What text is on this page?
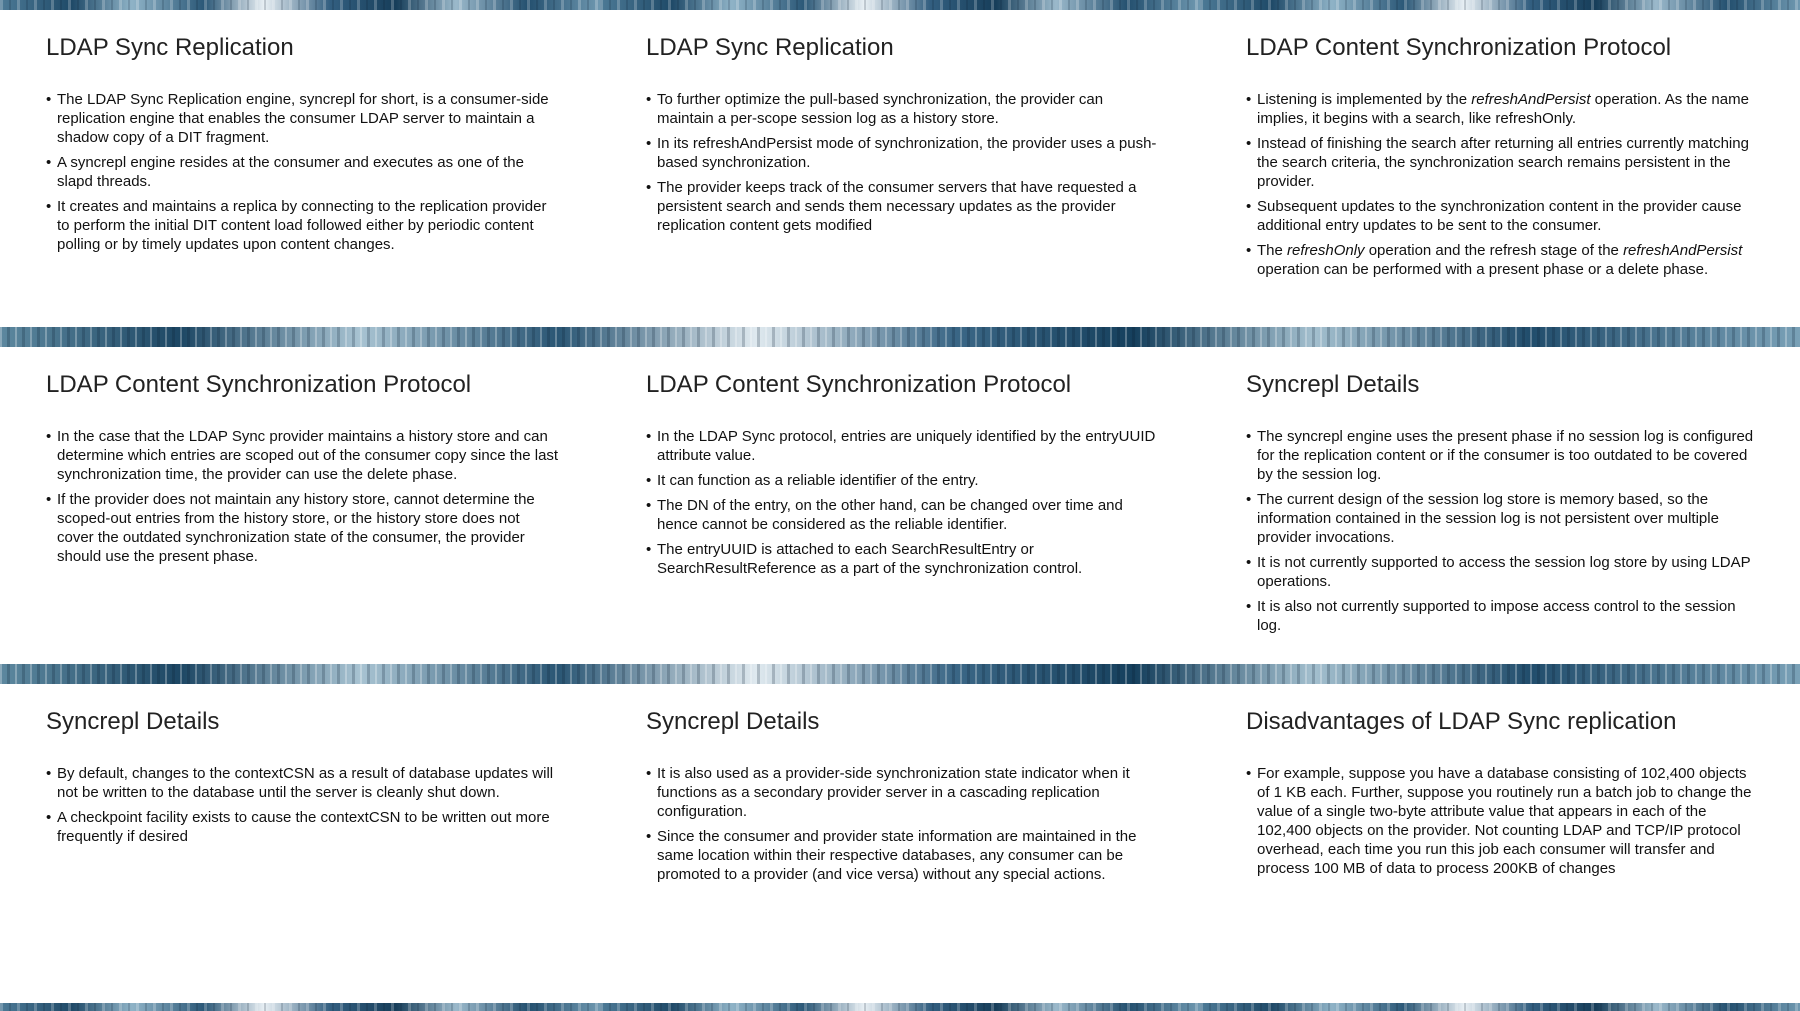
LDAP Sync Replication
• The LDAP Sync Replication engine, syncrepl for short, is a consumer-side replication engine that enables the consumer LDAP server to maintain a shadow copy of a DIT fragment.
• A syncrepl engine resides at the consumer and executes as one of the slapd threads.
• It creates and maintains a replica by connecting to the replication provider to perform the initial DIT content load followed either by periodic content polling or by timely updates upon content changes.
LDAP Sync Replication
• To further optimize the pull-based synchronization, the provider can maintain a per-scope session log as a history store.
• In its refreshAndPersist mode of synchronization, the provider uses a push-based synchronization.
• The provider keeps track of the consumer servers that have requested a persistent search and sends them necessary updates as the provider replication content gets modified
LDAP Content Synchronization Protocol
• Listening is implemented by the refreshAndPersist operation. As the name implies, it begins with a search, like refreshOnly.
• Instead of finishing the search after returning all entries currently matching the search criteria, the synchronization search remains persistent in the provider.
• Subsequent updates to the synchronization content in the provider cause additional entry updates to be sent to the consumer.
• The refreshOnly operation and the refresh stage of the refreshAndPersist operation can be performed with a present phase or a delete phase.
LDAP Content Synchronization Protocol
• In the case that the LDAP Sync provider maintains a history store and can determine which entries are scoped out of the consumer copy since the last synchronization time, the provider can use the delete phase.
• If the provider does not maintain any history store, cannot determine the scoped-out entries from the history store, or the history store does not cover the outdated synchronization state of the consumer, the provider should use the present phase.
LDAP Content Synchronization Protocol
• In the LDAP Sync protocol, entries are uniquely identified by the entryUUID attribute value.
• It can function as a reliable identifier of the entry.
• The DN of the entry, on the other hand, can be changed over time and hence cannot be considered as the reliable identifier.
• The entryUUID is attached to each SearchResultEntry or SearchResultReference as a part of the synchronization control.
Syncrepl Details
• The syncrepl engine uses the present phase if no session log is configured for the replication content or if the consumer is too outdated to be covered by the session log.
• The current design of the session log store is memory based, so the information contained in the session log is not persistent over multiple provider invocations.
• It is not currently supported to access the session log store by using LDAP operations.
• It is also not currently supported to impose access control to the session log.
Syncrepl Details
• By default, changes to the contextCSN as a result of database updates will not be written to the database until the server is cleanly shut down.
• A checkpoint facility exists to cause the contextCSN to be written out more frequently if desired
Syncrepl Details
• It is also used as a provider-side synchronization state indicator when it functions as a secondary provider server in a cascading replication configuration.
• Since the consumer and provider state information are maintained in the same location within their respective databases, any consumer can be promoted to a provider (and vice versa) without any special actions.
Disadvantages of LDAP Sync replication
• For example, suppose you have a database consisting of 102,400 objects of 1 KB each. Further, suppose you routinely run a batch job to change the value of a single two-byte attribute value that appears in each of the 102,400 objects on the provider. Not counting LDAP and TCP/IP protocol overhead, each time you run this job each consumer will transfer and process 100 MB of data to process 200KB of changes
